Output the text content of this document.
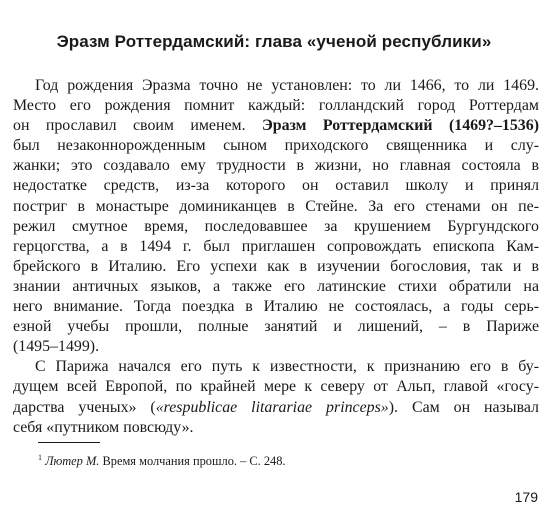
Эразм Роттердамский: глава «ученой республики»
Год рождения Эразма точно не установлен: то ли 1466, то ли 1469.
Место его рождения помнит каждый: голландский город Роттердам
он прославил своим именем. Эразм Роттердамский (1469?–1536)
был незаконнорожденным сыном приходского священника и слу-
жанки; это создавало ему трудности в жизни, но главная состояла в
недостатке средств, из-за которого он оставил школу и принял
постриг в монастыре доминиканцев в Стейне. За его стенами он пе-
режил смутное время, последовавшее за крушением Бургундского
герцогства, а в 1494 г. был приглашен сопровождать епископа Кам-
брейского в Италию. Его успехи как в изучении богословия, так и в
знании античных языков, а также его латинские стихи обратили на
него внимание. Тогда поездка в Италию не состоялась, а годы серь-
езной учебы прошли, полные занятий и лишений, – в Париже
(1495–1499).
С Парижа начался его путь к известности, к признанию его в бу-
дущем всей Европой, по крайней мере к северу от Альп, главой «госу-
дарства ученых» («respublicae litarariae princeps»). Сам он называл
себя «путником повсюду».
$^1$ Лютер М. Время молчания прошло. – С. 248.
179
